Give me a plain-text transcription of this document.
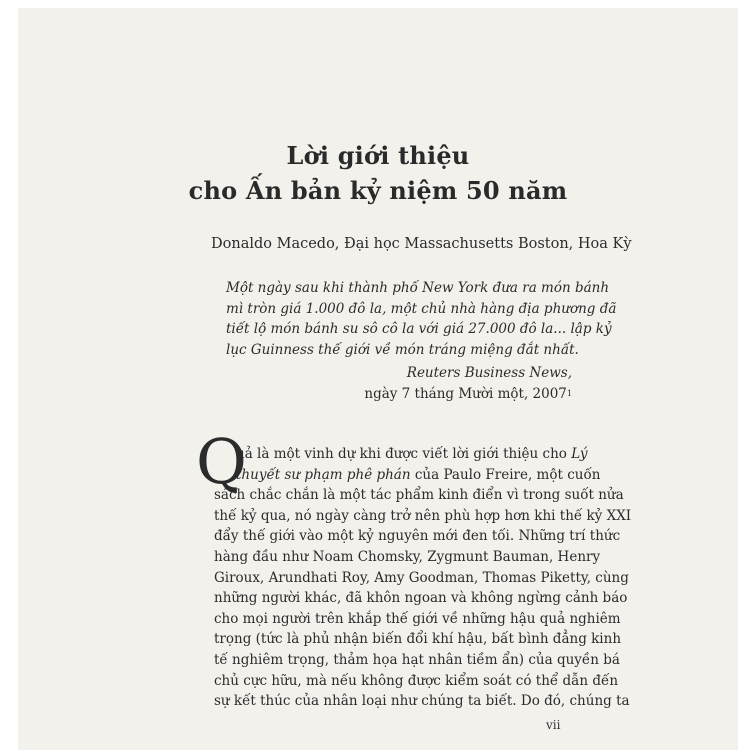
Lời giới thiệu
cho Ấn bản kỷ niệm 50 năm
Donaldo Macedo, Đại học Massachusetts Boston, Hoa Kỳ
Một ngày sau khi thành phố New York đưa ra món bánh
mì tròn giá 1.000 đô la, một chủ nhà hàng địa phương đã
tiết lộ món bánh su sô cô la với giá 27.000 đô la... lập kỷ
lục Guinness thế giới về món tráng miệng đắt nhất.
Reuters Business News,
ngày 7 tháng Mười một, 2007$^1$
Q
uả là một vinh dự khi được viết lời giới thiệu cho Lý
thuyết sư phạm phê phán của Paulo Freire, một cuốn
sách chắc chắn là một tác phẩm kinh điển vì trong suốt nửa
thế kỷ qua, nó ngày càng trở nên phù hợp hơn khi thế kỷ XXI
đẩy thế giới vào một kỷ nguyên mới đen tối. Những trí thức
hàng đầu như Noam Chomsky, Zygmunt Bauman, Henry
Giroux, Arundhati Roy, Amy Goodman, Thomas Piketty, cùng
những người khác, đã khôn ngoan và không ngừng cảnh báo
cho mọi người trên khắp thế giới về những hậu quả nghiêm
trọng (tức là phủ nhận biến đổi khí hậu, bất bình đẳng kinh
tế nghiêm trọng, thảm họa hạt nhân tiềm ẩn) của quyền bá
chủ cực hữu, mà nếu không được kiểm soát có thể dẫn đến
sự kết thúc của nhân loại như chúng ta biết. Do đó, chúng ta
vii
